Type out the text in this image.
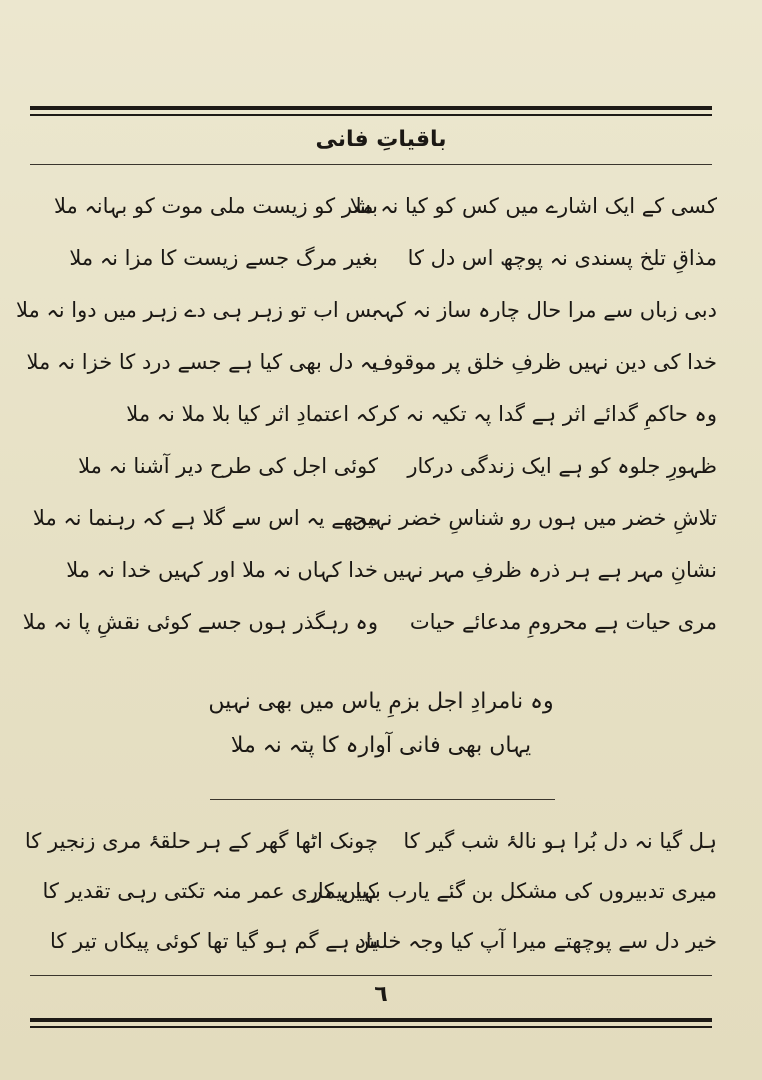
باقیاتِ فانی
کسی کے ایک اشارے میں کس کو کیا نہ ملا
مذاقِ تلخ پسندی نہ پوچھ اس دل کا
دبی زباں سے مرا حال چارہ ساز نہ کہہ
خدا کی دین نہیں ظرفِ خلق پر موقوف
وہ حاکمِ گدائے اثر ہے گدا پہ تکیہ نہ کر
ظہورِ جلوہ کو ہے ایک زندگی درکار
تلاشِ خضر میں ہوں رو شناسِ خضر نہیں
نشانِ مہر ہے ہر ذرہ ظرفِ مہر نہیں
مری حیات ہے محرومِ مدعائے حیات
بشر کو زیست ملی موت کو بہانہ ملا
بغیر مرگ جسے زیست کا مزا نہ ملا
بس اب تو زہر ہی دے زہر میں دوا نہ ملا
یہ دل بھی کیا ہے جسے درد کا خزا نہ ملا
کہ اعتمادِ اثر کیا بلا ملا نہ ملا
کوئی اجل کی طرح دیر آشنا نہ ملا
مجھے یہ اس سے گلا ہے کہ رہنما نہ ملا
خدا کہاں نہ ملا اور کہیں خدا نہ ملا
وہ رہگذر ہوں جسے کوئی نقشِ پا نہ ملا
وہ نامرادِ اجل بزمِ یاس میں بھی نہیں
یہاں بھی فانی آوارہ کا پتہ نہ ملا
ہل گیا نہ دل بُرا ہو نالۂ شب گیر کا
میری تدبیروں کی مشکل بن گئے یارب بہیں کر
خیر دل سے پوچھتے میرا آپ کیا وجہ خلش
چونک اٹھا گھر کے ہر حلقۂ مری زنجیر کا
کیا بیماری عمر منہ تکتی رہی تقدیر کا
یاد ہے گم ہو گیا تھا کوئی پیکاں تیر کا
٦
